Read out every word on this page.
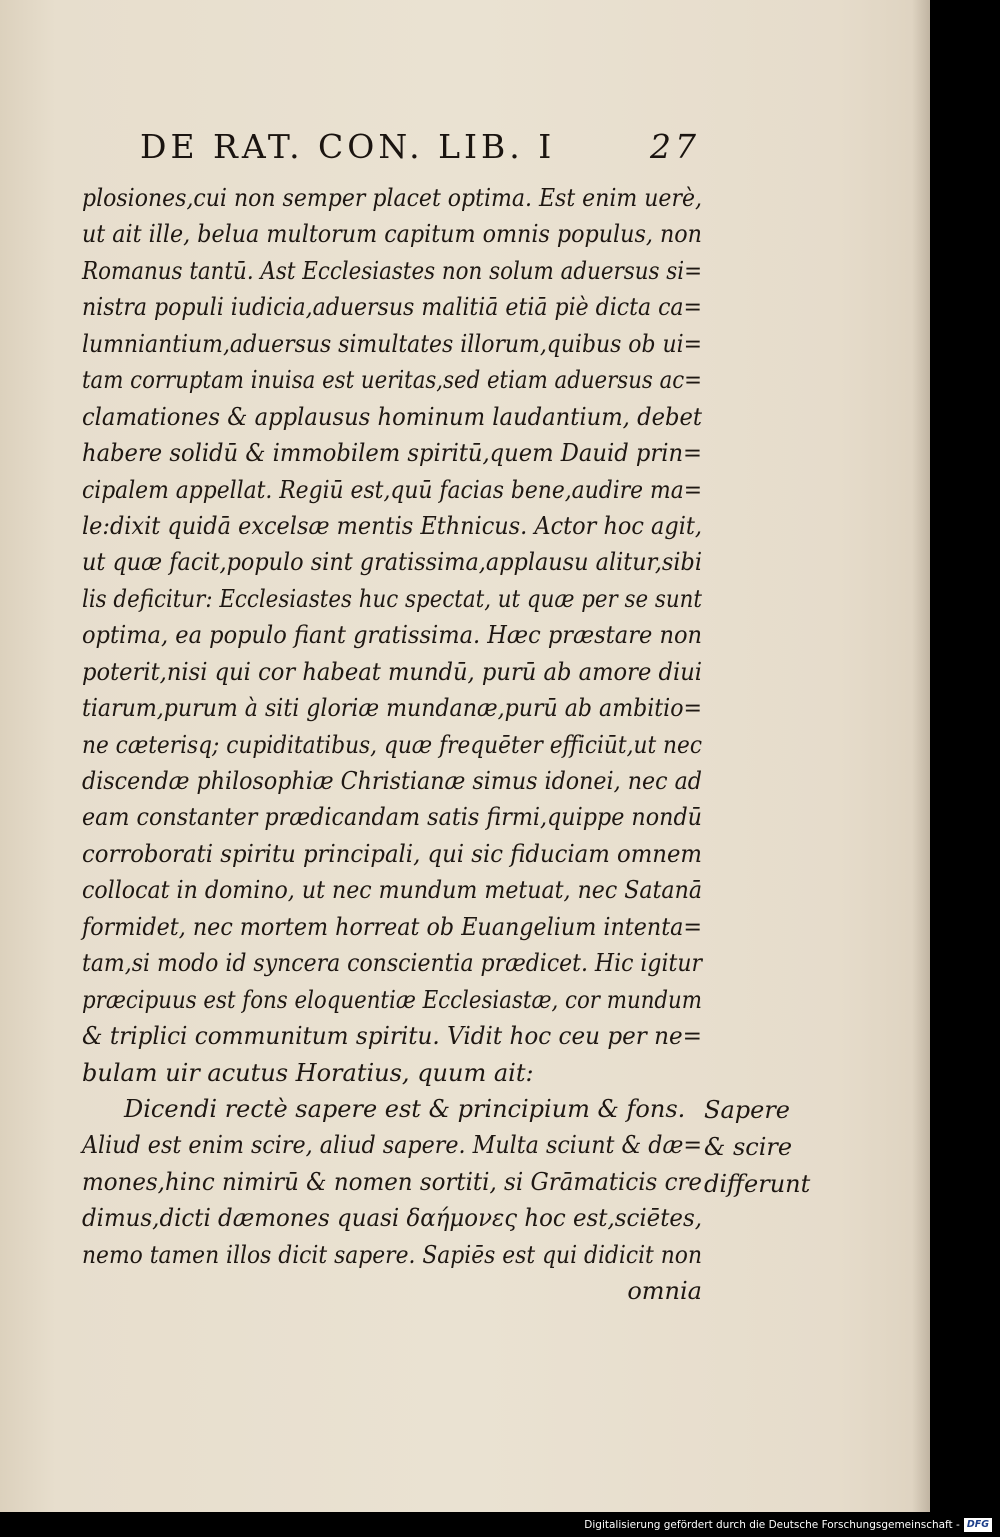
DE RAT. CON. LIB. I	27
plosiones,cui non semper placet optima. Est enim uerè,
ut ait ille, belua multorum capitum omnis populus, non
Romanus tantū. Ast Ecclesiastes non solum aduersus si=
nistra populi iudicia,aduersus malitiā etiā piè dicta ca=
lumniantium,aduersus simultates illorum,quibus ob ui=
tam corruptam inuisa est ueritas,sed etiam aduersus ac=
clamationes & applausus hominum laudantium, debet
habere solidū & immobilem spiritū,quem Dauid prin=
cipalem appellat. Regiū est,quū facias bene,audire ma=
le:dixit quidā excelsæ mentis Ethnicus. Actor hoc agit,
ut quæ facit,populo sint gratissima,applausu alitur,sibi
lis deficitur: Ecclesiastes huc spectat, ut quæ per se sunt
optima, ea populo fiant gratissima. Hæc præstare non
poterit,nisi qui cor habeat mundū, purū ab amore diui
tiarum,purum à siti gloriæ mundanæ,purū ab ambitio=
ne cæterisq; cupiditatibus, quæ frequēter efficiūt,ut nec
discendæ philosophiæ Christianæ simus idonei, nec ad
eam constanter prædicandam satis firmi,quippe nondū
corroborati spiritu principali, qui sic fiduciam omnem
collocat in domino, ut nec mundum metuat, nec Satanā
formidet, nec mortem horreat ob Euangelium intenta=
tam,si modo id syncera conscientia prædicet. Hic igitur
præcipuus est fons eloquentiæ Ecclesiastæ, cor mundum
& triplici communitum spiritu. Vidit hoc ceu per ne=
bulam uir acutus Horatius, quum ait:
Dicendi rectè sapere est & principium & fons.
Aliud est enim scire, aliud sapere. Multa sciunt & dæ=
mones,hinc nimirū & nomen sortiti, si Grāmaticis cre
dimus,dicti dæmones quasi δαήμονες hoc est,sciētes,
nemo tamen illos dicit sapere. Sapiēs est qui didicit non
omnia
Sapere
& scire
differunt
Digitalisierung gefördert durch die Deutsche Forschungsgemeinschaft - DFG
